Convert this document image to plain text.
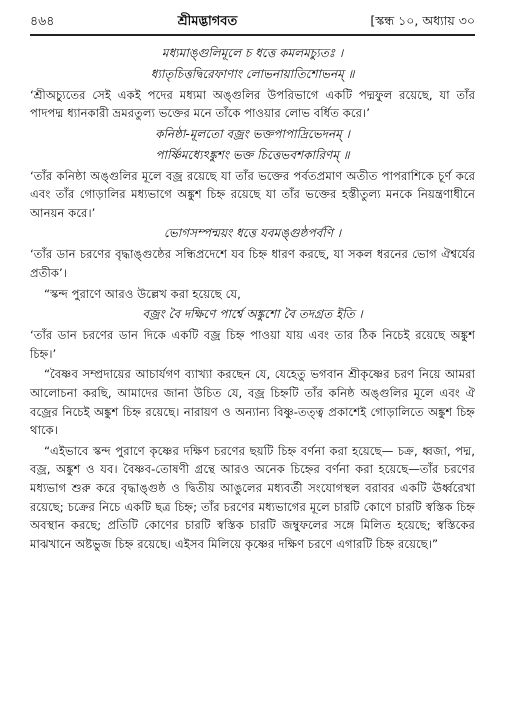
৪৬৪	শ্রীমদ্ভাগবত	[স্কন্ধ ১০, অধ্যায় ৩০
মধ্যমাঙ্গুলিমূলে চ ধত্তে কমলমচ্যুতঃ ।
ধ্যাতৃচিত্তদ্বিরেফাণাং লোভনায়াতিশোভনম্ ॥

‘শ্রীঅচ্যুতের সেই একই পদের মধ্যমা অঙ্গুলির উপরিভাগে একটি পদ্মফুল রয়েছে, যা তাঁর পাদপদ্ম ধ্যানকারী ভ্রমরতুল্য ভক্তের মনে তাঁকে পাওয়ার লোভ বর্ধিত করে।’

কনিষ্ঠা-মূলতো বজ্রং ভক্তপাপাদ্রিভেদনম্ ।
পার্ষ্ণিমধ্যেঽঙ্কুশং ভক্ত চিত্তেভবশকারিণম্ ॥

‘তাঁর কনিষ্ঠা অঙ্গুলির মূলে বজ্র রয়েছে যা তাঁর ভক্তের পর্বতপ্রমাণ অতীত পাপরাশিকে চূর্ণ করে এবং তাঁর গোড়ালির মধ্যভাগে অঙ্কুশ চিহ্ন রয়েছে যা তাঁর ভক্তের হস্তীতুল্য মনকে নিয়ন্ত্রণাধীনে আনয়ন করে।’

ভোগসম্পন্ময়ং ধত্তে যবমঙ্গুষ্ঠপর্বণি ।

‘তাঁর ডান চরণের বৃদ্ধাঙ্গুষ্ঠের সন্ধিপ্রদেশে যব চিহ্ন ধারণ করছে, যা সকল ধরনের ভোগ ঐশ্বর্যের প্রতীক’।

“স্কন্দ পুরাণে আরও উল্লেখ করা হয়েছে যে,

বজ্রং বৈ দক্ষিণে পার্শ্বে অঙ্কুশো বৈ তদগ্রত ইতি ।

‘তাঁর ডান চরণের ডান দিকে একটি বজ্র চিহ্ন পাওয়া যায় এবং তার ঠিক নিচেই রয়েছে অঙ্কুশ চিহ্ন।’

“বৈষ্ণব সম্প্রদায়ের আচার্যগণ ব্যাখ্যা করছেন যে, যেহেতু ভগবান শ্রীকৃষ্ণের চরণ নিয়ে আমরা আলোচনা করছি, আমাদের জানা উচিত যে, বজ্র চিহ্নটি তাঁর কনিষ্ঠ অঙ্গুলির মূলে এবং ঐ বজ্রের নিচেই অঙ্কুশ চিহ্ন রয়েছে। নারায়ণ ও অন্যান্য বিষ্ণু-তত্ত্ব প্রকাশেই গোড়ালিতে অঙ্কুশ চিহ্ন থাকে।

“এইভাবে স্কন্দ পুরাণে কৃষ্ণের দক্ষিণ চরণের ছয়টি চিহ্ন বর্ণনা করা হয়েছে— চক্র, ধ্বজা, পদ্ম, বজ্র, অঙ্কুশ ও যব। বৈষ্ণব-তোষণী গ্রন্থে আরও অনেক চিহ্নের বর্ণনা করা হয়েছে—তাঁর চরণের মধ্যভাগ শুরু করে বৃদ্ধাঙ্গুষ্ঠ ও দ্বিতীয় আঙুলের মধ্যবর্তী সংযোগস্থল বরাবর একটি ঊর্ধ্বরেখা রয়েছে; চক্রের নিচে একটি ছত্র চিহ্ন; তাঁর চরণের মধ্যভাগের মূলে চারটি কোণে চারটি স্বস্তিক চিহ্ন অবস্থান করছে; প্রতিটি কোণের চারটি স্বস্তিক চারটি জম্বুফলের সঙ্গে মিলিত হয়েছে; স্বস্তিকের মাঝখানে অষ্টভুজ চিহ্ন রয়েছে। এইসব মিলিয়ে কৃষ্ণের দক্ষিণ চরণে এগারটি চিহ্ন রয়েছে।”
